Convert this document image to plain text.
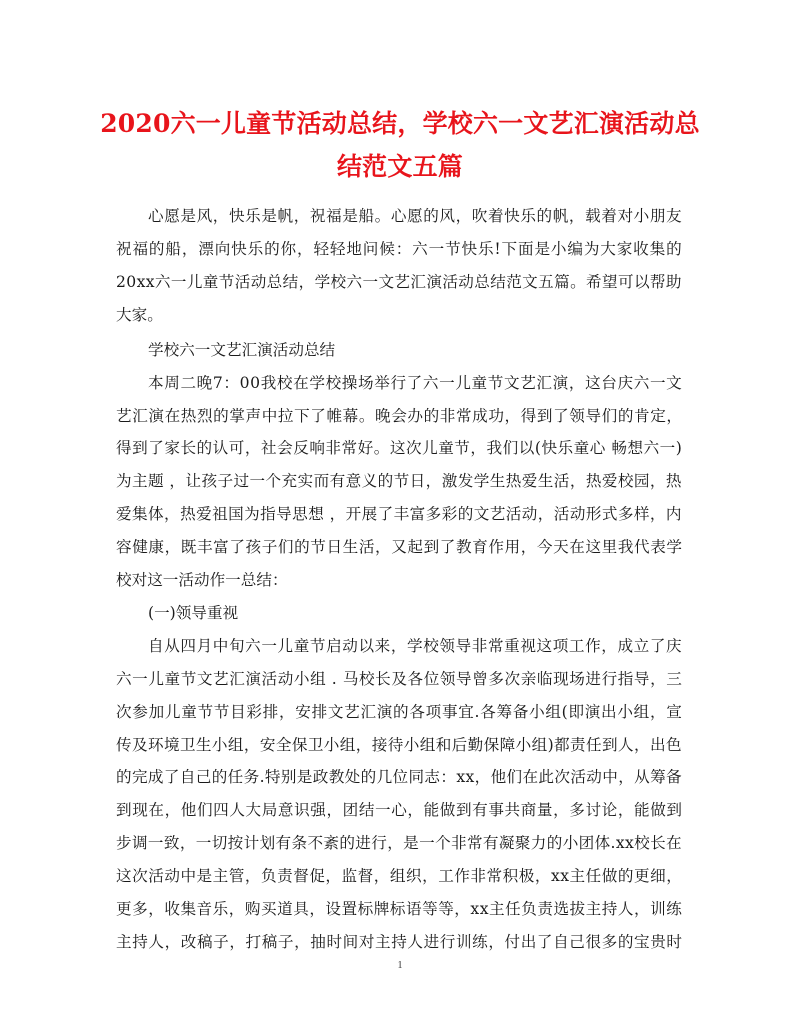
2020六一儿童节活动总结，学校六一文艺汇演活动总
结范文五篇
心 愿 是 风 ， 快 乐 是 帆 ， 祝 福 是 船 。 心 愿 的 风 ， 吹 着 快 乐 的 帆 ， 载 着 对 小 朋 友
祝 福 的 船 ， 漂 向 快 乐 的 你 ， 轻 轻 地 问 候 ： 六 一 节 快 乐 ! 下 面 是 小 编 为 大 家 收 集 的
2 0 x x 六 一 儿 童 节 活 动 总 结 ， 学 校 六 一 文 艺 汇 演 活 动 总 结 范 文 五 篇 。 希 望 可 以 帮 助
大家。
学校六一文艺汇演活动总结
本 周 二 晚 7 ： 0 0 我 校 在 学 校 操 场 举 行 了 六 一 儿 童 节 文 艺 汇 演 ， 这 台 庆 六 一 文
艺 汇 演 在 热 烈 的 掌 声 中 拉 下 了 帷 幕 。 晚 会 办 的 非 常 成 功 ， 得 到 了 领 导 们 的 肯 定 ，
得 到 了 家 长 的 认 可 ， 社 会 反 响 非 常 好 。 这 次 儿 童 节 ， 我 们 以 ( 快 乐 童 心
畅 想 六 一 )
为 主 题
， 让 孩 子 过 一 个 充 实 而 有 意 义 的 节 日 ， 激 发 学 生 热 爱 生 活 ， 热 爱 校 园 ， 热
爱 集 体 ， 热 爱 祖 国 为 指 导 思 想
， 开 展 了 丰 富 多 彩 的 文 艺 活 动 ， 活 动 形 式 多 样 ， 内
容 健 康 ， 既 丰 富 了 孩 子 们 的 节 日 生 活 ， 又 起 到 了 教 育 作 用 ， 今 天 在 这 里 我 代 表 学
校对这一活动作一总结：
(一)领导重视
自 从 四 月 中 旬 六 一 儿 童 节 启 动 以 来 ， 学 校 领 导 非 常 重 视 这 项 工 作 ， 成 立 了 庆
六 一 儿 童 节 文 艺 汇 演 活 动 小 组
.
马 校 长 及 各 位 领 导 曾 多 次 亲 临 现 场 进 行 指 导 ， 三
次 参 加 儿 童 节 节 目 彩 排 ， 安 排 文 艺 汇 演 的 各 项 事 宜 . 各 筹 备 小 组 ( 即 演 出 小 组 ， 宣
传 及 环 境 卫 生 小 组 ， 安 全 保 卫 小 组 ， 接 待 小 组 和 后 勤 保 障 小 组 ) 都 责 任 到 人 ， 出 色
的 完 成 了 自 己 的 任 务 . 特 别 是 政 教 处 的 几 位 同 志 ： x x ， 他 们 在 此 次 活 动 中 ， 从 筹 备
到 现 在 ， 他 们 四 人 大 局 意 识 强 ， 团 结 一 心 ， 能 做 到 有 事 共 商 量 ， 多 讨 论 ， 能 做 到
步 调 一 致 ， 一 切 按 计 划 有 条 不 紊 的 进 行 ， 是 一 个 非 常 有 凝 聚 力 的 小 团 体 . x x 校 长 在
这 次 活 动 中 是 主 管 ， 负 责 督 促 ， 监 督 ， 组 织 ， 工 作 非 常 积 极 ， x x 主 任 做 的 更 细 ，
更 多 ， 收 集 音 乐 ， 购 买 道 具 ， 设 置 标 牌 标 语 等 等 ， x x 主 任 负 责 选 拔 主 持 人 ， 训 练
主 持 人 ， 改 稿 子 ， 打 稿 子 ， 抽 时 间 对 主 持 人 进 行 训 练 ， 付 出 了 自 己 很 多 的 宝 贵 时
1
